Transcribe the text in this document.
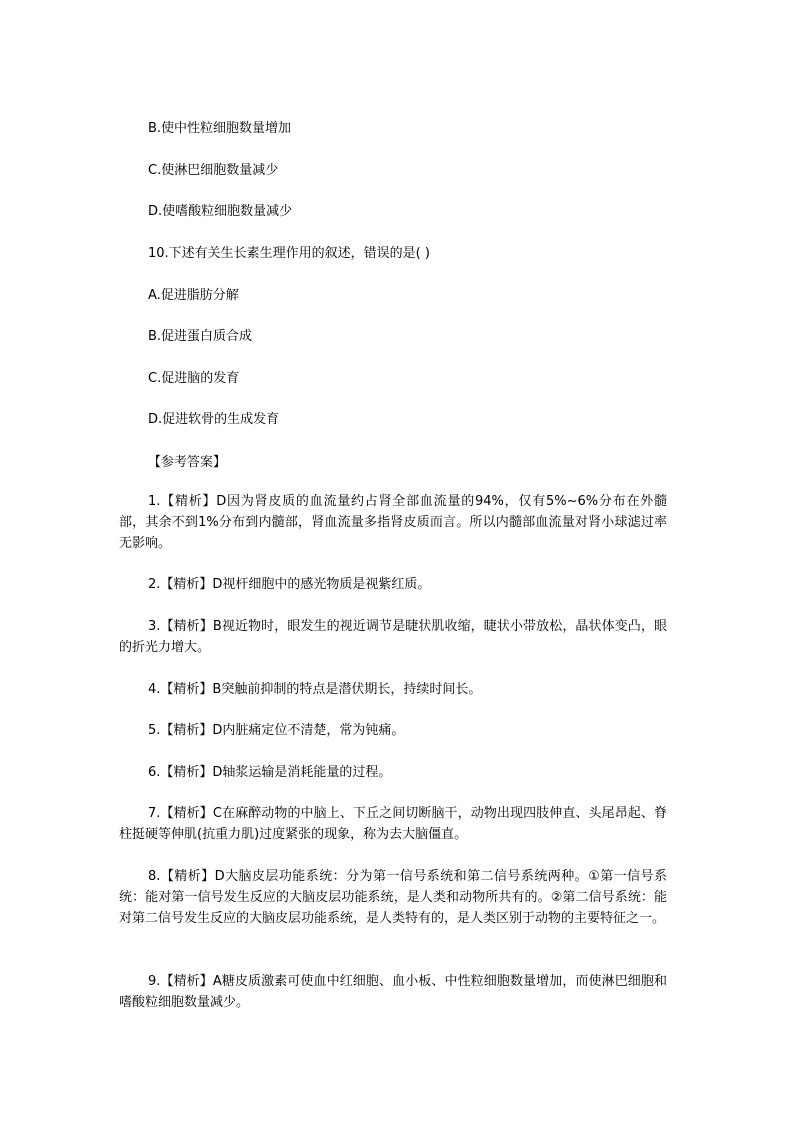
B.使中性粒细胞数量增加
C.使淋巴细胞数量减少
D.使嗜酸粒细胞数量减少
10.下述有关生长素生理作用的叙述，错误的是( )
A.促进脂肪分解
B.促进蛋白质合成
C.促进脑的发育
D.促进软骨的生成发育
【参考答案】
1.【精析】D因为肾皮质的血流量约占肾全部血流量的94%，仅有5%~6%分布在外髓部，其余不到1%分布到内髓部，肾血流量多指肾皮质而言。所以内髓部血流量对肾小球滤过率无影响。
2.【精析】D视杆细胞中的感光物质是视紫红质。
3.【精析】B视近物时，眼发生的视近调节是睫状肌收缩，睫状小带放松，晶状体变凸，眼的折光力增大。
4.【精析】B突触前抑制的特点是潜伏期长，持续时间长。
5.【精析】D内脏痛定位不清楚，常为钝痛。
6.【精析】D轴浆运输是消耗能量的过程。
7.【精析】C在麻醉动物的中脑上、下丘之间切断脑干，动物出现四肢伸直、头尾昂起、脊柱挺硬等伸肌(抗重力肌)过度紧张的现象，称为去大脑僵直。
8.【精析】D大脑皮层功能系统：分为第一信号系统和第二信号系统两种。①第一信号系统：能对第一信号发生反应的大脑皮层功能系统，是人类和动物所共有的。②第二信号系统：能对第二信号发生反应的大脑皮层功能系统，是人类特有的，是人类区别于动物的主要特征之一。
9.【精析】A糖皮质激素可使血中红细胞、血小板、中性粒细胞数量增加，而使淋巴细胞和嗜酸粒细胞数量减少。
